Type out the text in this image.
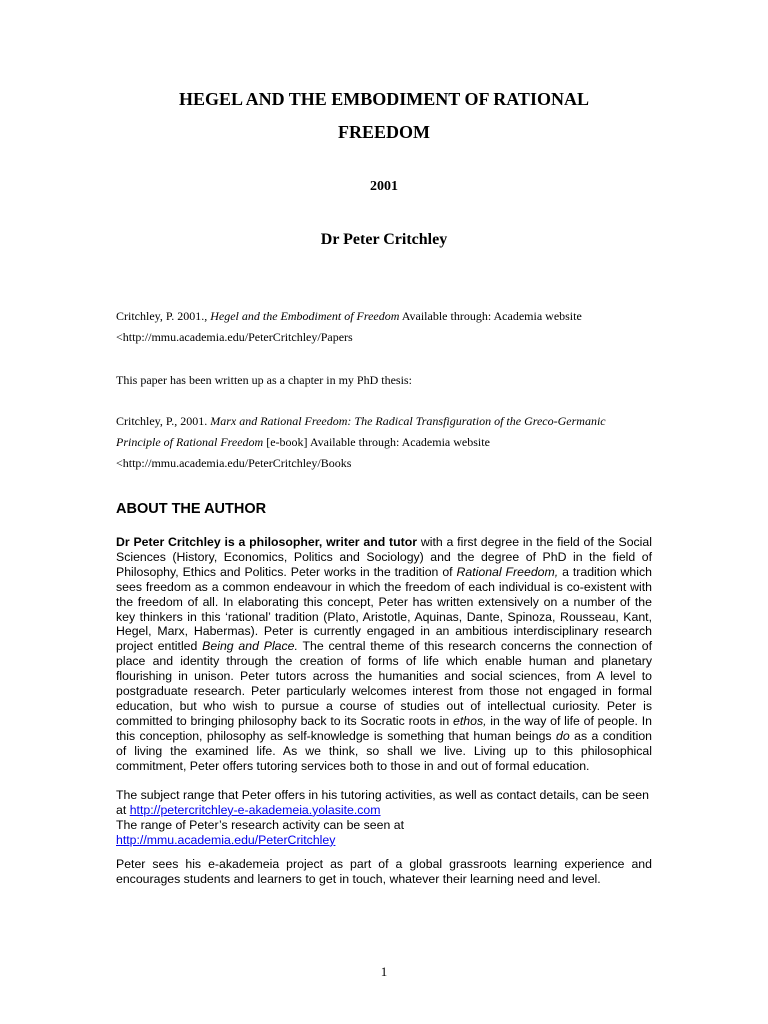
HEGEL AND THE EMBODIMENT OF RATIONAL
FREEDOM
2001
Dr Peter Critchley
Critchley, P. 2001., Hegel and the Embodiment of Freedom Available through: Academia website
<http://mmu.academia.edu/PeterCritchley/Papers
This paper has been written up as a chapter in my PhD thesis:
Critchley, P., 2001. Marx and Rational Freedom: The Radical Transfiguration of the Greco-Germanic
Principle of Rational Freedom [e-book] Available through: Academia website
<http://mmu.academia.edu/PeterCritchley/Books
ABOUT THE AUTHOR

Dr Peter Critchley is a philosopher, writer and tutor with a first degree in the field of the Social Sciences (History, Economics, Politics and Sociology) and the degree of PhD in the field of Philosophy, Ethics and Politics. Peter works in the tradition of Rational Freedom, a tradition which sees freedom as a common endeavour in which the freedom of each individual is co-existent with the freedom of all. In elaborating this concept, Peter has written extensively on a number of the key thinkers in this ‘rational’ tradition (Plato, Aristotle, Aquinas, Dante, Spinoza, Rousseau, Kant, Hegel, Marx, Habermas). Peter is currently engaged in an ambitious interdisciplinary research project entitled Being and Place. The central theme of this research concerns the connection of place and identity through the creation of forms of life which enable human and planetary flourishing in unison. Peter tutors across the humanities and social sciences, from A level to postgraduate research. Peter particularly welcomes interest from those not engaged in formal education, but who wish to pursue a course of studies out of intellectual curiosity. Peter is committed to bringing philosophy back to its Socratic roots in ethos, in the way of life of people. In this conception, philosophy as self-knowledge is something that human beings do as a condition of living the examined life. As we think, so shall we live. Living up to this philosophical commitment, Peter offers tutoring services both to those in and out of formal education.

The subject range that Peter offers in his tutoring activities, as well as contact details, can be seen at http://petercritchley-e-akademeia.yolasite.com
The range of Peter’s research activity can be seen at
http://mmu.academia.edu/PeterCritchley

Peter sees his e-akademeia project as part of a global grassroots learning experience and encourages students and learners to get in touch, whatever their learning need and level.

1
